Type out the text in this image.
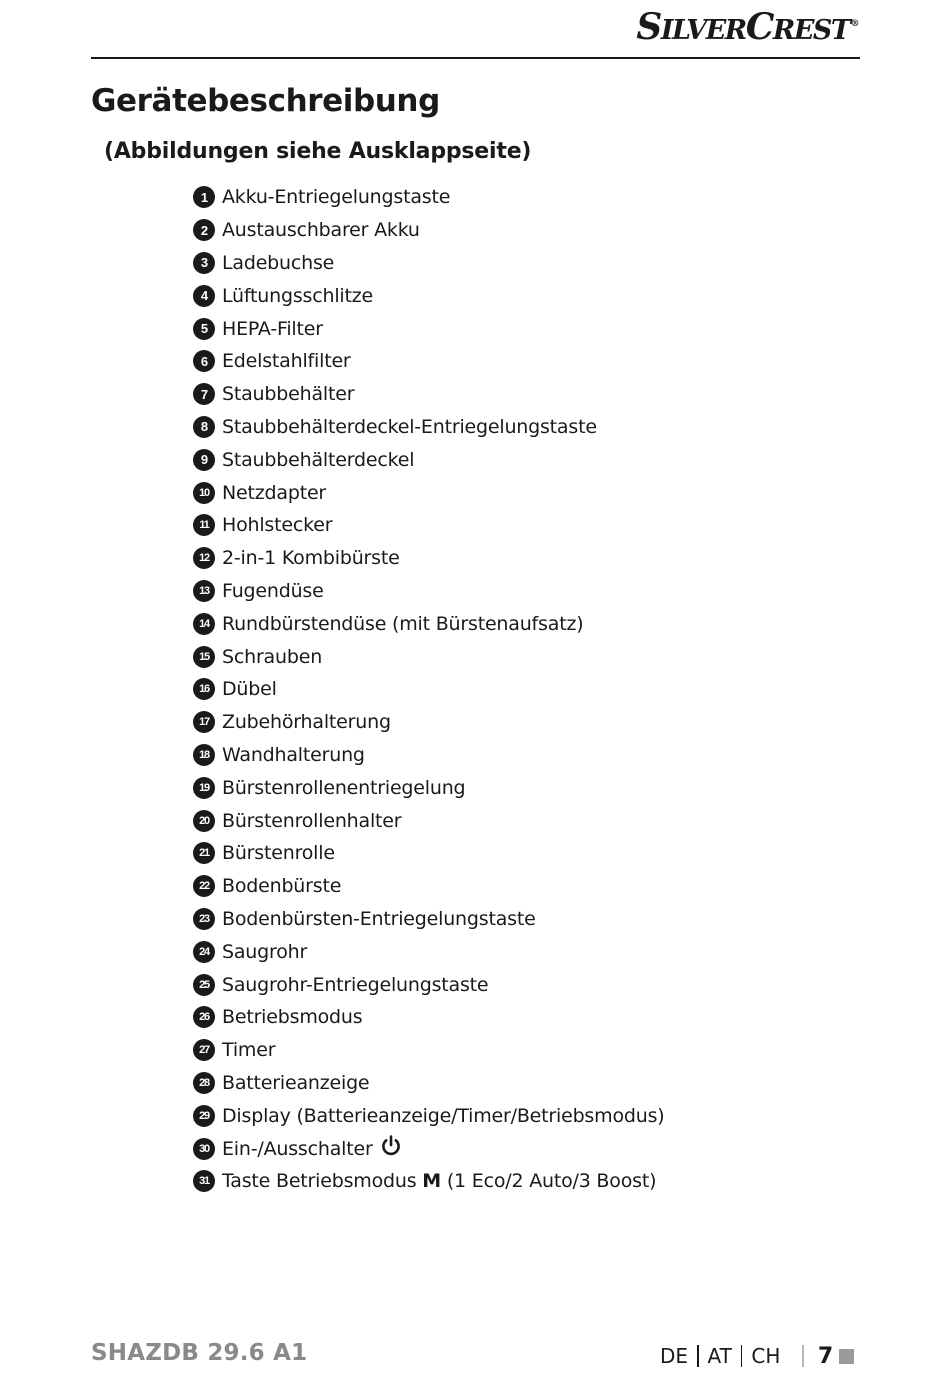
SILVERCREST®
Gerätebeschreibung
(Abbildungen siehe Ausklappseite)
1 Akku-Entriegelungstaste
2 Austauschbarer Akku
3 Ladebuchse
4 Lüftungsschlitze
5 HEPA-Filter
6 Edelstahlfilter
7 Staubbehälter
8 Staubbehälterdeckel-Entriegelungstaste
9 Staubbehälterdeckel
10 Netzdapter
11 Hohlstecker
12 2-in-1 Kombibürste
13 Fugendüse
14 Rundbürstendüse (mit Bürstenaufsatz)
15 Schrauben
16 Dübel
17 Zubehörhalterung
18 Wandhalterung
19 Bürstenrollenentriegelung
20 Bürstenrollenhalter
21 Bürstenrolle
22 Bodenbürste
23 Bodenbürsten-Entriegelungstaste
24 Saugrohr
25 Saugrohr-Entriegelungstaste
26 Betriebsmodus
27 Timer
28 Batterieanzeige
29 Display (Batterieanzeige/Timer/Betriebsmodus)
30 Ein-/Ausschalter
31 Taste Betriebsmodus
M
(1 Eco/2 Auto/3 Boost)
SHAZDB 29.6 A1	DE AT CH 7
